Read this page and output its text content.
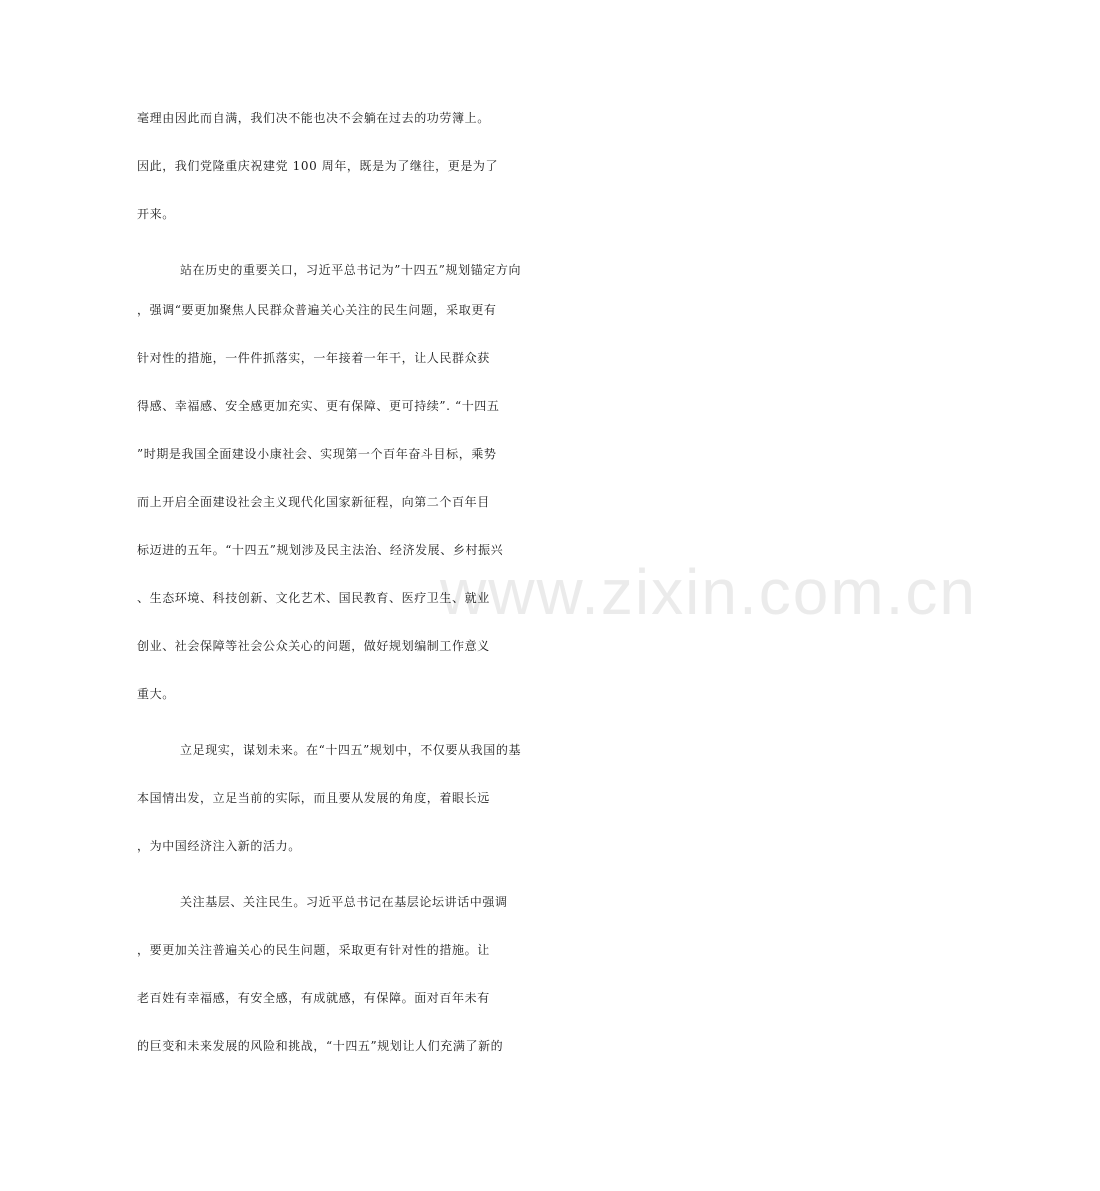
www.zixin.com.cn
毫理由因此而自满，我们决不能也决不会躺在过去的功劳簿上。
因此，我们党隆重庆祝建党 100 周年，既是为了继往，更是为了
开来。
站在历史的重要关口，习近平总书记为”十四五”规划锚定方向
，强调“要更加聚焦人民群众普遍关心关注的民生问题，采取更有
针对性的措施，一件件抓落实，一年接着一年干，让人民群众获
得感、幸福感、安全感更加充实、更有保障、更可持续”. “十四五
”时期是我国全面建设小康社会、实现第一个百年奋斗目标，乘势
而上开启全面建设社会主义现代化国家新征程，向第二个百年目
标迈进的五年。“十四五”规划涉及民主法治、经济发展、乡村振兴
、生态环境、科技创新、文化艺术、国民教育、医疗卫生、就业
创业、社会保障等社会公众关心的问题，做好规划编制工作意义
重大。
立足现实，谋划未来。在“十四五”规划中，不仅要从我国的基
本国情出发，立足当前的实际，而且要从发展的角度，着眼长远
，为中国经济注入新的活力。
关注基层、关注民生。习近平总书记在基层论坛讲话中强调
，要更加关注普遍关心的民生问题，采取更有针对性的措施。让
老百姓有幸福感，有安全感，有成就感，有保障。面对百年未有
的巨变和未来发展的风险和挑战，“十四五”规划让人们充满了新的
